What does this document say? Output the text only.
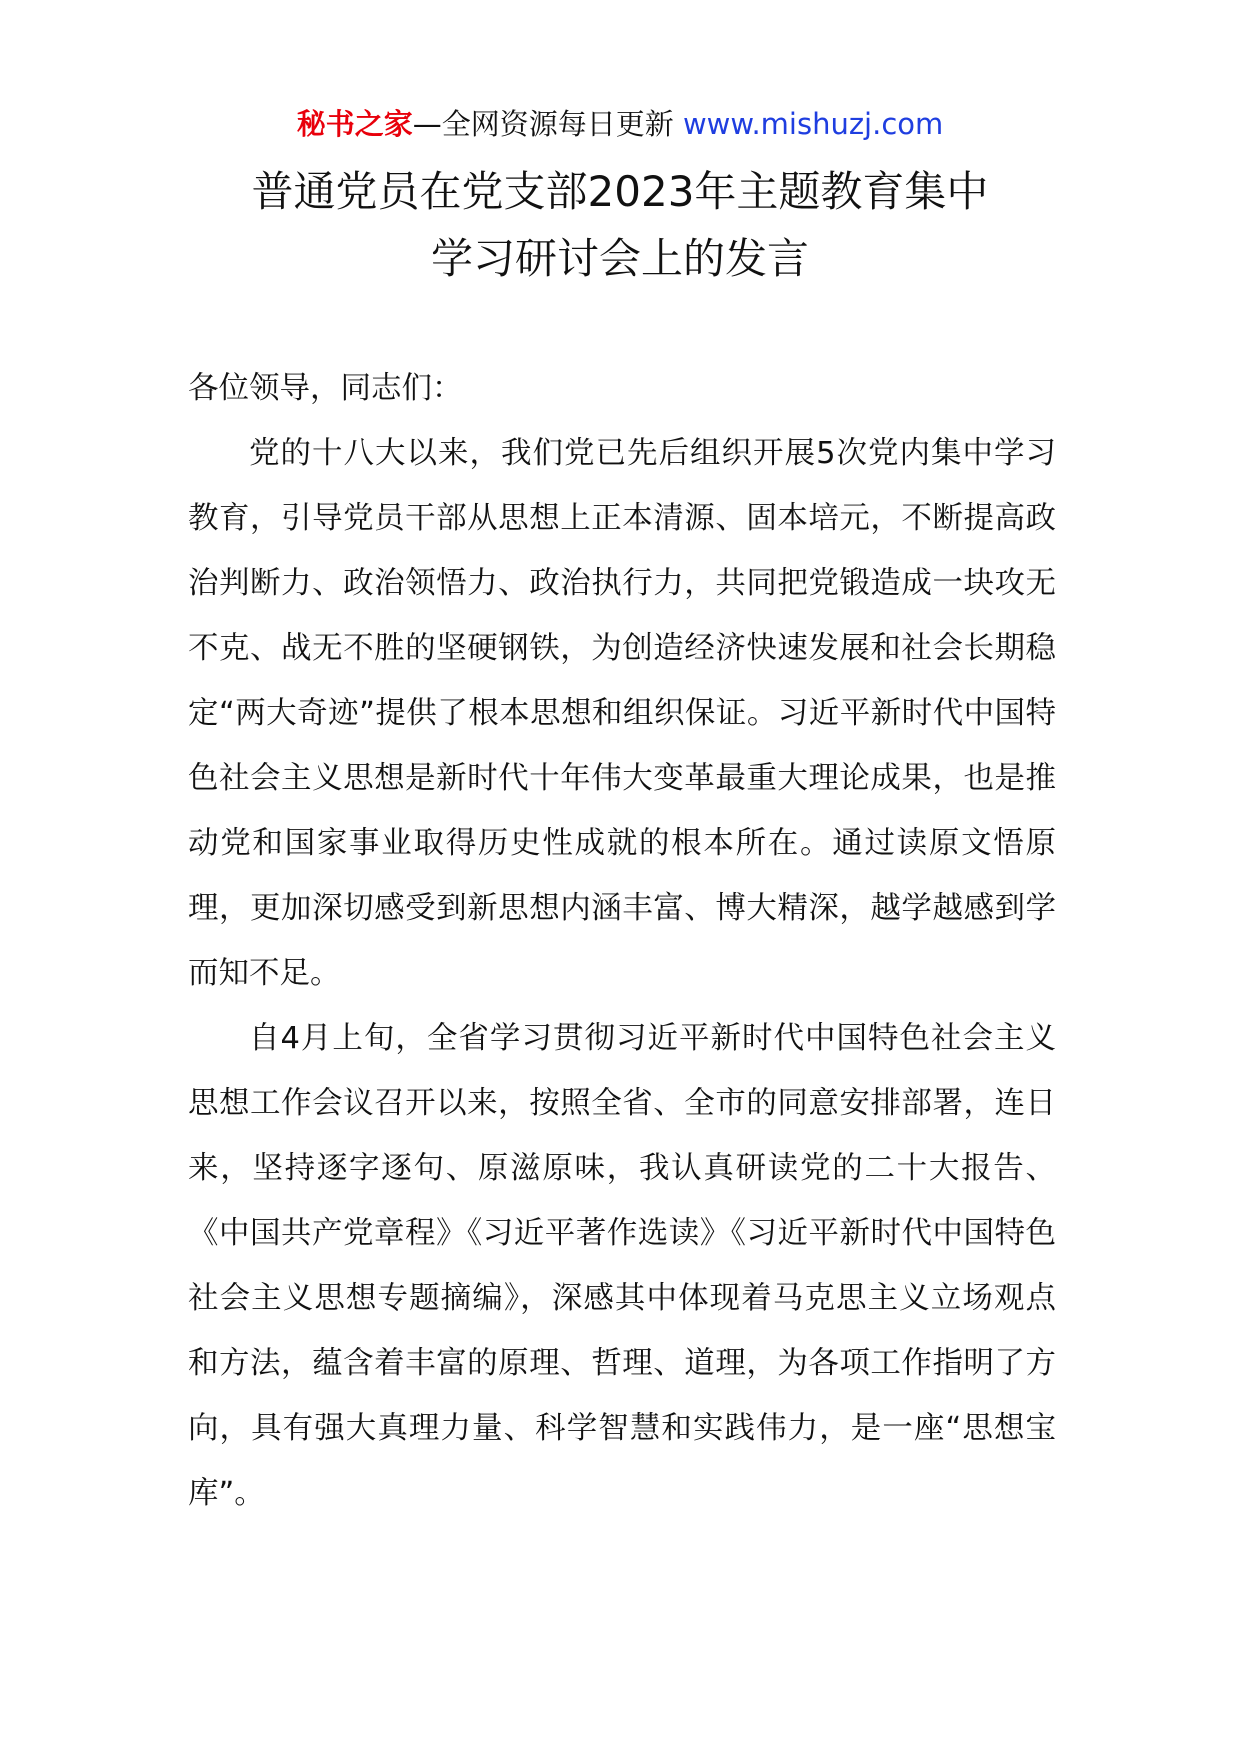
秘书之家—全网资源每日更新 www.mishuzj.com
普通党员在党支部2023年主题教育集中
学习研讨会上的发言

各位领导，同志们：

党的十八大以来，我们党已先后组织开展5次党内集中学习教育，引导党员干部从思想上正本清源、固本培元，不断提高政治判断力、政治领悟力、政治执行力，共同把党锻造成一块攻无不克、战无不胜的坚硬钢铁，为创造经济快速发展和社会长期稳定“两大奇迹”提供了根本思想和组织保证。习近平新时代中国特色社会主义思想是新时代十年伟大变革最重大理论成果，也是推动党和国家事业取得历史性成就的根本所在。通过读原文悟原理，更加深切感受到新思想内涵丰富、博大精深，越学越感到学而知不足。

自4月上旬，全省学习贯彻习近平新时代中国特色社会主义思想工作会议召开以来，按照全省、全市的同意安排部署，连日来，坚持逐字逐句、原滋原味，我认真研读党的二十大报告、《中国共产党章程》《习近平著作选读》《习近平新时代中国特色社会主义思想专题摘编》，深感其中体现着马克思主义立场观点和方法，蕴含着丰富的原理、哲理、道理，为各项工作指明了方向，具有强大真理力量、科学智慧和实践伟力，是一座“思想宝库”。
